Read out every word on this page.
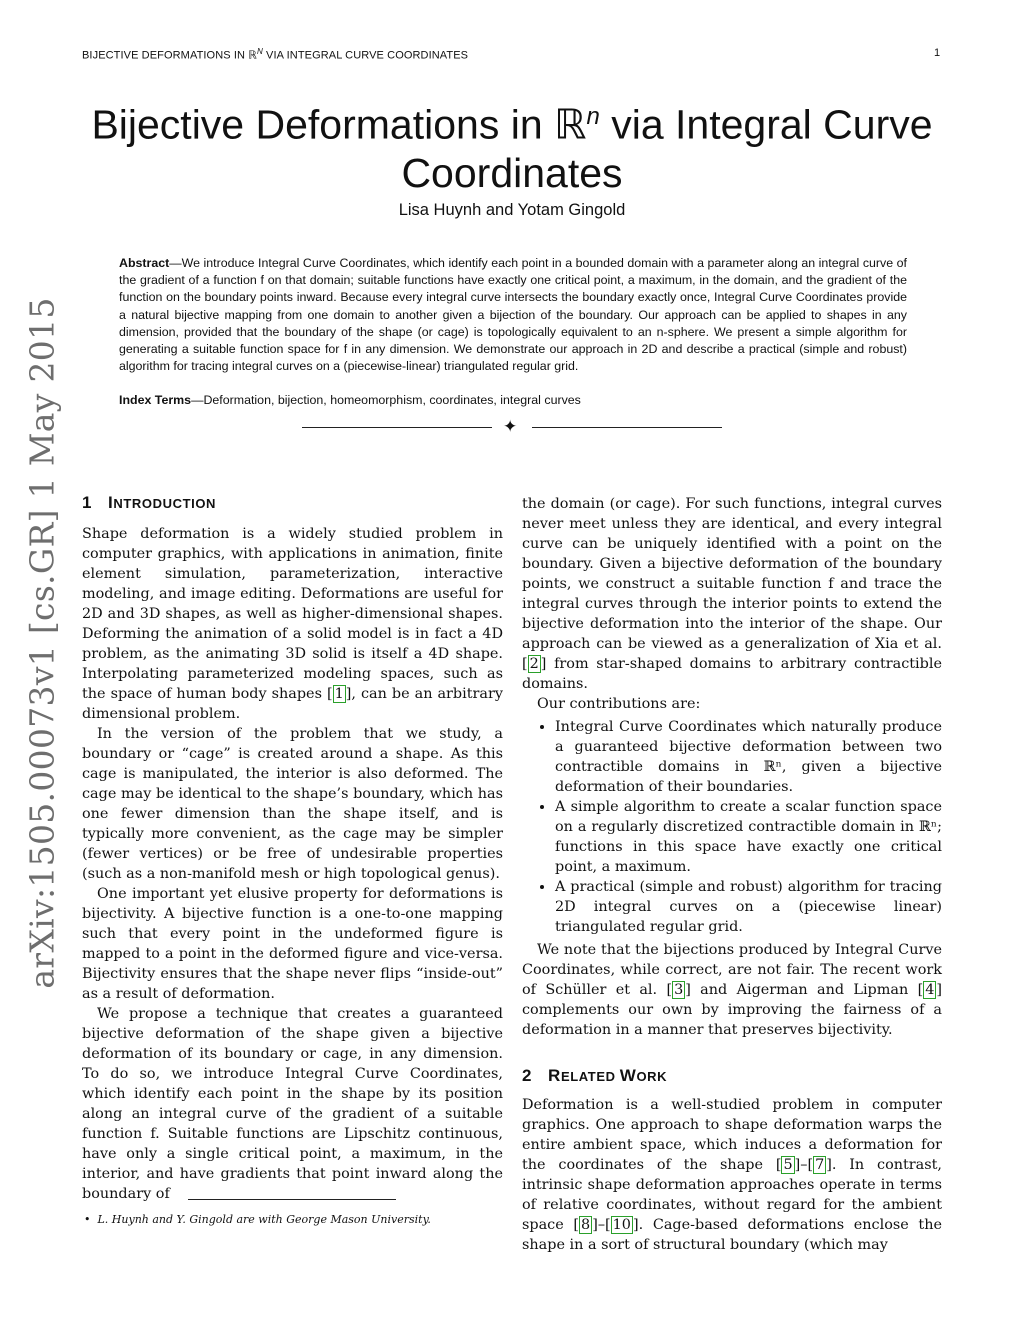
BIJECTIVE DEFORMATIONS IN ℝ$^N$ VIA INTEGRAL CURVE COORDINATES	1
Bijective Deformations in ℝ$^n$ via Integral Curve
Coordinates
Lisa Huynh and Yotam Gingold
Abstract—We introduce Integral Curve Coordinates, which identify each point in a bounded domain with a parameter along an integral curve of the gradient of a function f on that domain; suitable functions have exactly one critical point, a maximum, in the domain, and the gradient of the function on the boundary points inward. Because every integral curve intersects the boundary exactly once, Integral Curve Coordinates provide a natural bijective mapping from one domain to another given a bijection of the boundary. Our approach can be applied to shapes in any dimension, provided that the boundary of the shape (or cage) is topologically equivalent to an n-sphere. We present a simple algorithm for generating a suitable function space for f in any dimension. We demonstrate our approach in 2D and describe a practical (simple and robust) algorithm for tracing integral curves on a (piecewise-linear) triangulated regular grid.
Index Terms—Deformation, bijection, homeomorphism, coordinates, integral curves
✦
arXiv:1505.00073v1 [cs.GR] 1 May 2015 1 INTRODUCTION

Shape deformation is a widely studied problem in computer graphics, with applications in animation, finite element simulation, parameterization, interactive modeling, and image editing. Deformations are useful for 2D and 3D shapes, as well as higher-dimensional shapes. Deforming the animation of a solid model is in fact a 4D problem, as the animating 3D solid is itself a 4D shape. Interpolating parameterized modeling spaces, such as the space of human body shapes [ 1 ], can be an arbitrary dimensional problem.

In the version of the problem that we study, a boundary or “cage” is created around a shape. As this cage is manipulated, the interior is also deformed. The cage may be identical to the shape’s boundary, which has one fewer dimension than the shape itself, and is typically more convenient, as the cage may be simpler (fewer vertices) or be free of undesirable properties (such as a non-manifold mesh or high topological genus).

One important yet elusive property for deformations is bijectivity. A bijective function is a one-to-one mapping such that every point in the undeformed figure is mapped to a point in the deformed figure and vice-versa. Bijectivity ensures that the shape never flips “inside-out” as a result of deformation.

We propose a technique that creates a guaranteed bijective deformation of the shape given a bijective deformation of its boundary or cage, in any dimension. To do so, we introduce Integral Curve Coordinates, which identify each point in the shape by its position along an integral curve of the gradient of a suitable function f. Suitable functions are Lipschitz continuous, have only a single critical point, a maximum, in the interior, and have gradients that point inward along the boundary of

the domain (or cage). For such functions, integral curves never meet unless they are identical, and every integral curve can be uniquely identified with a point on the boundary. Given a bijective deformation of the boundary points, we construct a suitable function f and trace the integral curves through the interior points to extend the bijective deformation into the interior of the shape. Our approach can be viewed as a generalization of Xia et al. [ 2 ] from star-shaped domains to arbitrary contractible domains.

Our contributions are:

• Integral Curve Coordinates which naturally produce a guaranteed bijective deformation between two contractible domains in ℝⁿ, given a bijective deformation of their boundaries.
• A simple algorithm to create a scalar function space on a regularly discretized contractible domain in ℝⁿ; functions in this space have exactly one critical point, a maximum.
• A practical (simple and robust) algorithm for tracing 2D integral curves on a (piecewise linear) triangulated regular grid.

We note that the bijections produced by Integral Curve Coordinates, while correct, are not fair. The recent work of Schüller et al. [ 3 ] and Aigerman and Lipman [ 4 ] complements our own by improving the fairness of a deformation in a manner that preserves bijectivity.

2 RELATED WORK

Deformation is a well-studied problem in computer graphics. One approach to shape deformation warps the entire ambient space, which induces a deformation for the coordinates of the shape [ 5 ]–[ 7 ]. In contrast, intrinsic shape deformation approaches operate in terms of relative coordinates, without regard for the ambient space [ 8 ]–[ 10 ]. Cage-based deformations enclose the shape in a sort of structural boundary (which may

• L. Huynh and Y. Gingold are with George Mason University.
